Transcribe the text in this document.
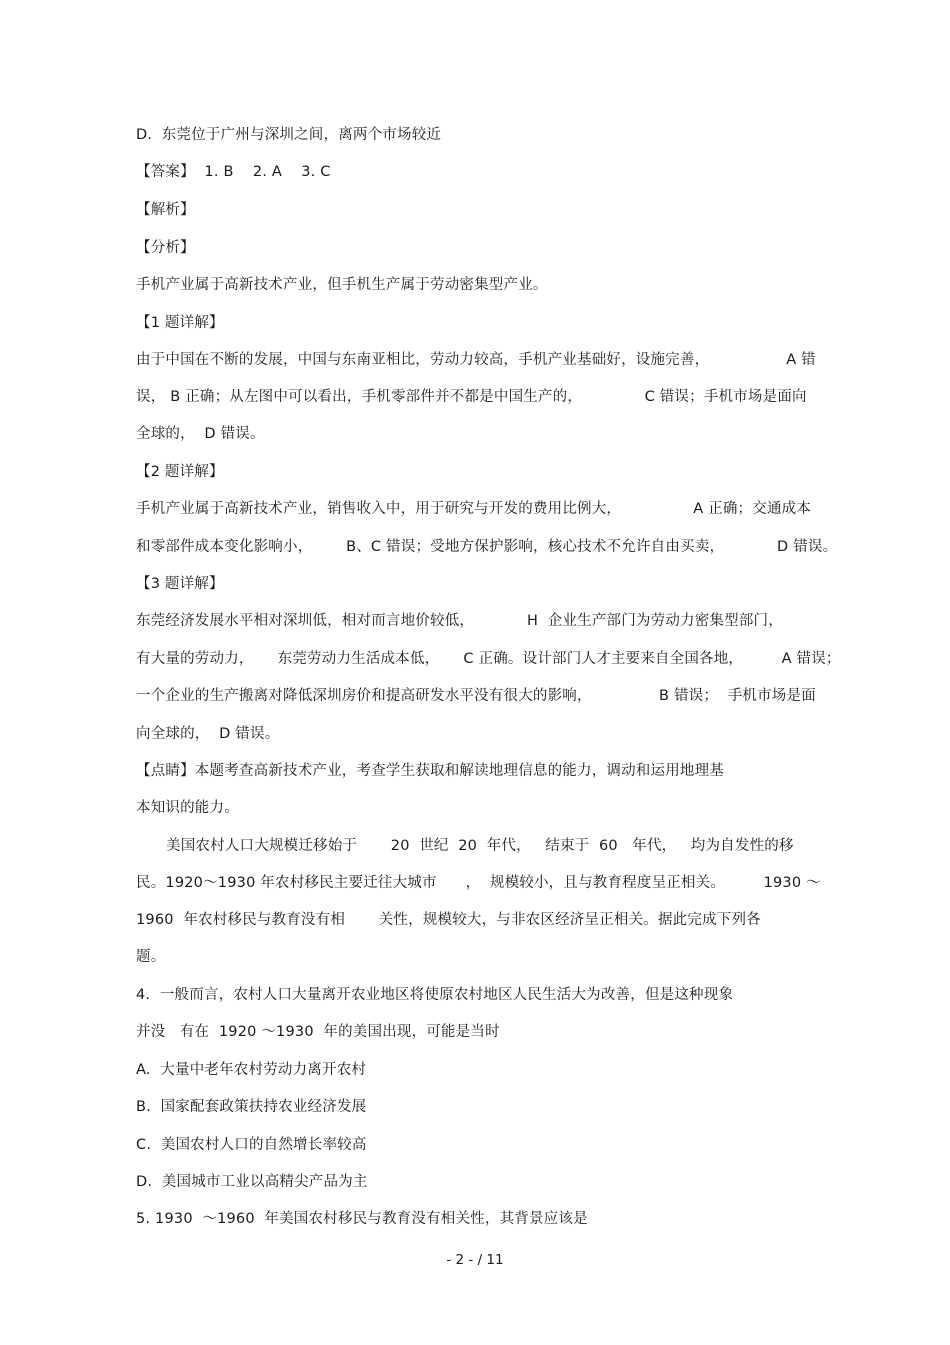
D.  东莞位于广州与深圳之间，离两个市场较近
【答案】  1. B    2. A    3. C
【解析】
【分析】
手机产业属于高新技术产业，但手机生产属于劳动密集型产业。
【1 题详解】
由于中国在不断的发展，中国与东南亚相比，劳动力较高，手机产业基础好，设施完善，                A 错
误， B 正确；从左图中可以看出，手机零部件并不都是中国生产的，             C 错误；手机市场是面向
全球的，  D 错误。
【2 题详解】
手机产业属于高新技术产业，销售收入中，用于研究与开发的费用比例大，               A 正确；交通成本
和零部件成本变化影响小，       B、C 错误；受地方保护影响，核心技术不允许自由买卖，           D 错误。
【3 题详解】
东莞经济发展水平相对深圳低，相对而言地价较低，           H  企业生产部门为劳动力密集型部门，
有大量的劳动力，     东莞劳动力生活成本低，     C 正确。设计部门人才主要来自全国各地，        A 错误；
一个企业的生产搬离对降低深圳房价和提高研发水平没有很大的影响，              B 错误；  手机市场是面
向全球的，  D 错误。
【点睛】本题考查高新技术产业，考查学生获取和解读地理信息的能力，调动和运用地理基
本知识的能力。
美国农村人口大规模迁移始于       20  世纪  20  年代，   结束于  60   年代，   均为自发性的移
民。1920～1930 年农村移民主要迁往大城市      ，  规模较小，且与教育程度呈正相关。        1930 ～
1960  年农村移民与教育没有相       关性，规模较大，与非农区经济呈正相关。据此完成下列各
题。
4.  一般而言，农村人口大量离开农业地区将使原农村地区人民生活大为改善，但是这种现象
并没   有在  1920 ～1930  年的美国出现，可能是当时
A.  大量中老年农村劳动力离开农村
B.  国家配套政策扶持农业经济发展
C.  美国农村人口的自然增长率较高
D.  美国城市工业以高精尖产品为主
5. 1930  ～1960  年美国农村移民与教育没有相关性，其背景应该是
- 2 - / 11
